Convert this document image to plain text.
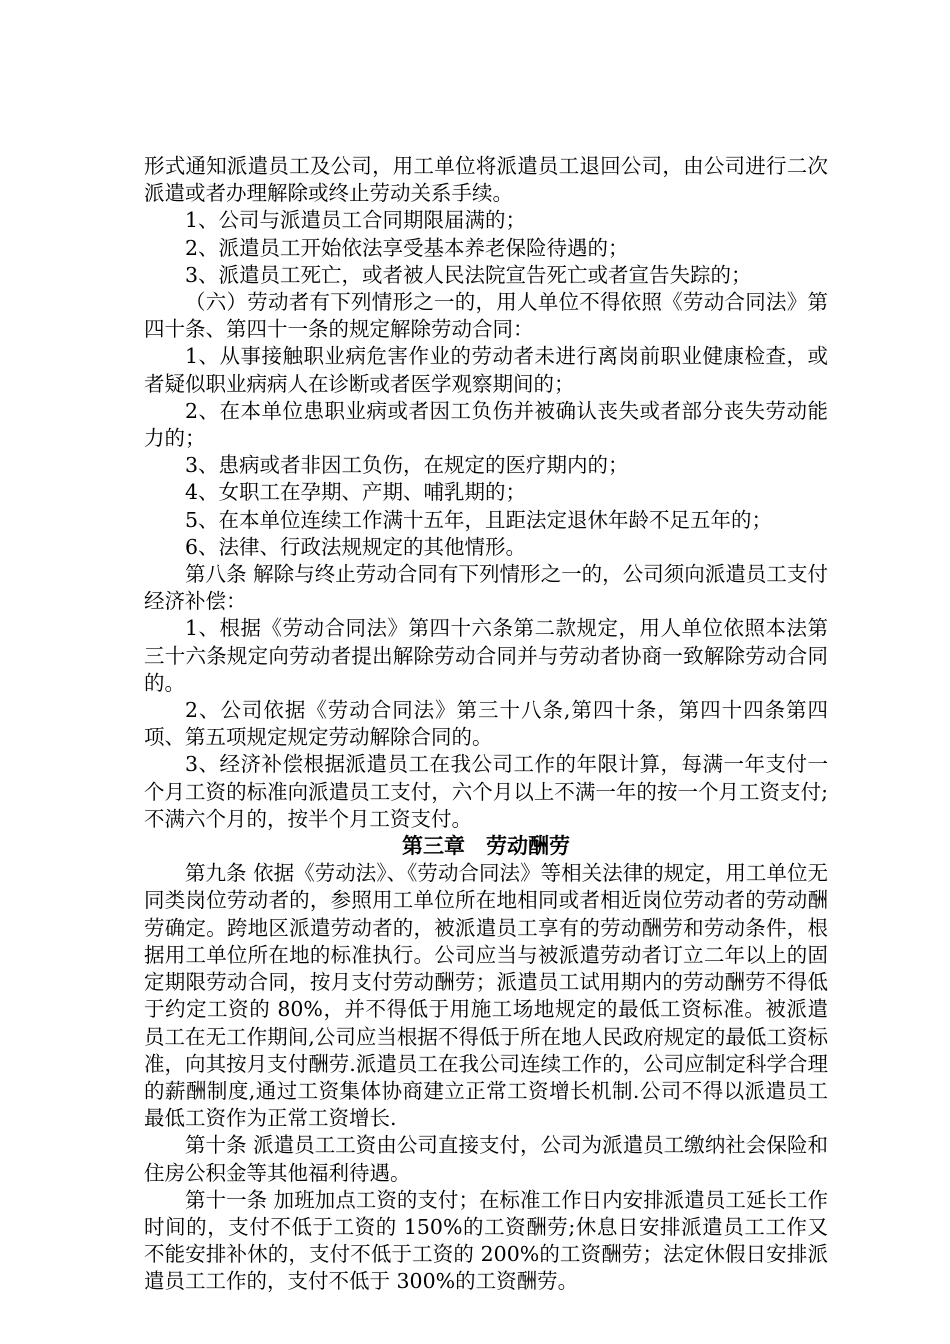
形式通知派遣员工及公司，用工单位将派遣员工退回公司，由公司进行二次派遣或者办理解除或终止劳动关系手续。

1、公司与派遣员工合同期限届满的；

2、派遣员工开始依法享受基本养老保险待遇的；

3、派遣员工死亡，或者被人民法院宣告死亡或者宣告失踪的；

（六）劳动者有下列情形之一的，用人单位不得依照《劳动合同法》第四十条、第四十一条的规定解除劳动合同：

1、从事接触职业病危害作业的劳动者未进行离岗前职业健康检查，或者疑似职业病病人在诊断或者医学观察期间的；

2、在本单位患职业病或者因工负伤并被确认丧失或者部分丧失劳动能力的；

3、患病或者非因工负伤，在规定的医疗期内的；

4、女职工在孕期、产期、哺乳期的；

5、在本单位连续工作满十五年，且距法定退休年龄不足五年的；

6、法律、行政法规规定的其他情形。

第八条 解除与终止劳动合同有下列情形之一的，公司须向派遣员工支付经济补偿：

1、根据《劳动合同法》第四十六条第二款规定，用人单位依照本法第三十六条规定向劳动者提出解除劳动合同并与劳动者协商一致解除劳动合同的。

2、公司依据《劳动合同法》第三十八条,第四十条，第四十四条第四项、第五项规定规定劳动解除合同的。

3、经济补偿根据派遣员工在我公司工作的年限计算，每满一年支付一个月工资的标准向派遣员工支付，六个月以上不满一年的按一个月工资支付;不满六个月的，按半个月工资支付。

第三章　劳动酬劳

第九条 依据《劳动法》、《劳动合同法》等相关法律的规定，用工单位无同类岗位劳动者的，参照用工单位所在地相同或者相近岗位劳动者的劳动酬劳确定。跨地区派遣劳动者的，被派遣员工享有的劳动酬劳和劳动条件，根据用工单位所在地的标准执行。公司应当与被派遣劳动者订立二年以上的固定期限劳动合同，按月支付劳动酬劳；派遣员工试用期内的劳动酬劳不得低于约定工资的 80%，并不得低于用施工场地规定的最低工资标准。被派遣员工在无工作期间,公司应当根据不得低于所在地人民政府规定的最低工资标准，向其按月支付酬劳.派遣员工在我公司连续工作的，公司应制定科学合理的薪酬制度,通过工资集体协商建立正常工资增长机制.公司不得以派遣员工最低工资作为正常工资增长.

第十条 派遣员工工资由公司直接支付，公司为派遣员工缴纳社会保险和住房公积金等其他福利待遇。

第十一条 加班加点工资的支付；在标准工作日内安排派遣员工延长工作时间的，支付不低于工资的 150%的工资酬劳;休息日安排派遣员工工作又不能安排补休的，支付不低于工资的 200%的工资酬劳；法定休假日安排派遣员工工作的，支付不低于 300%的工资酬劳。
